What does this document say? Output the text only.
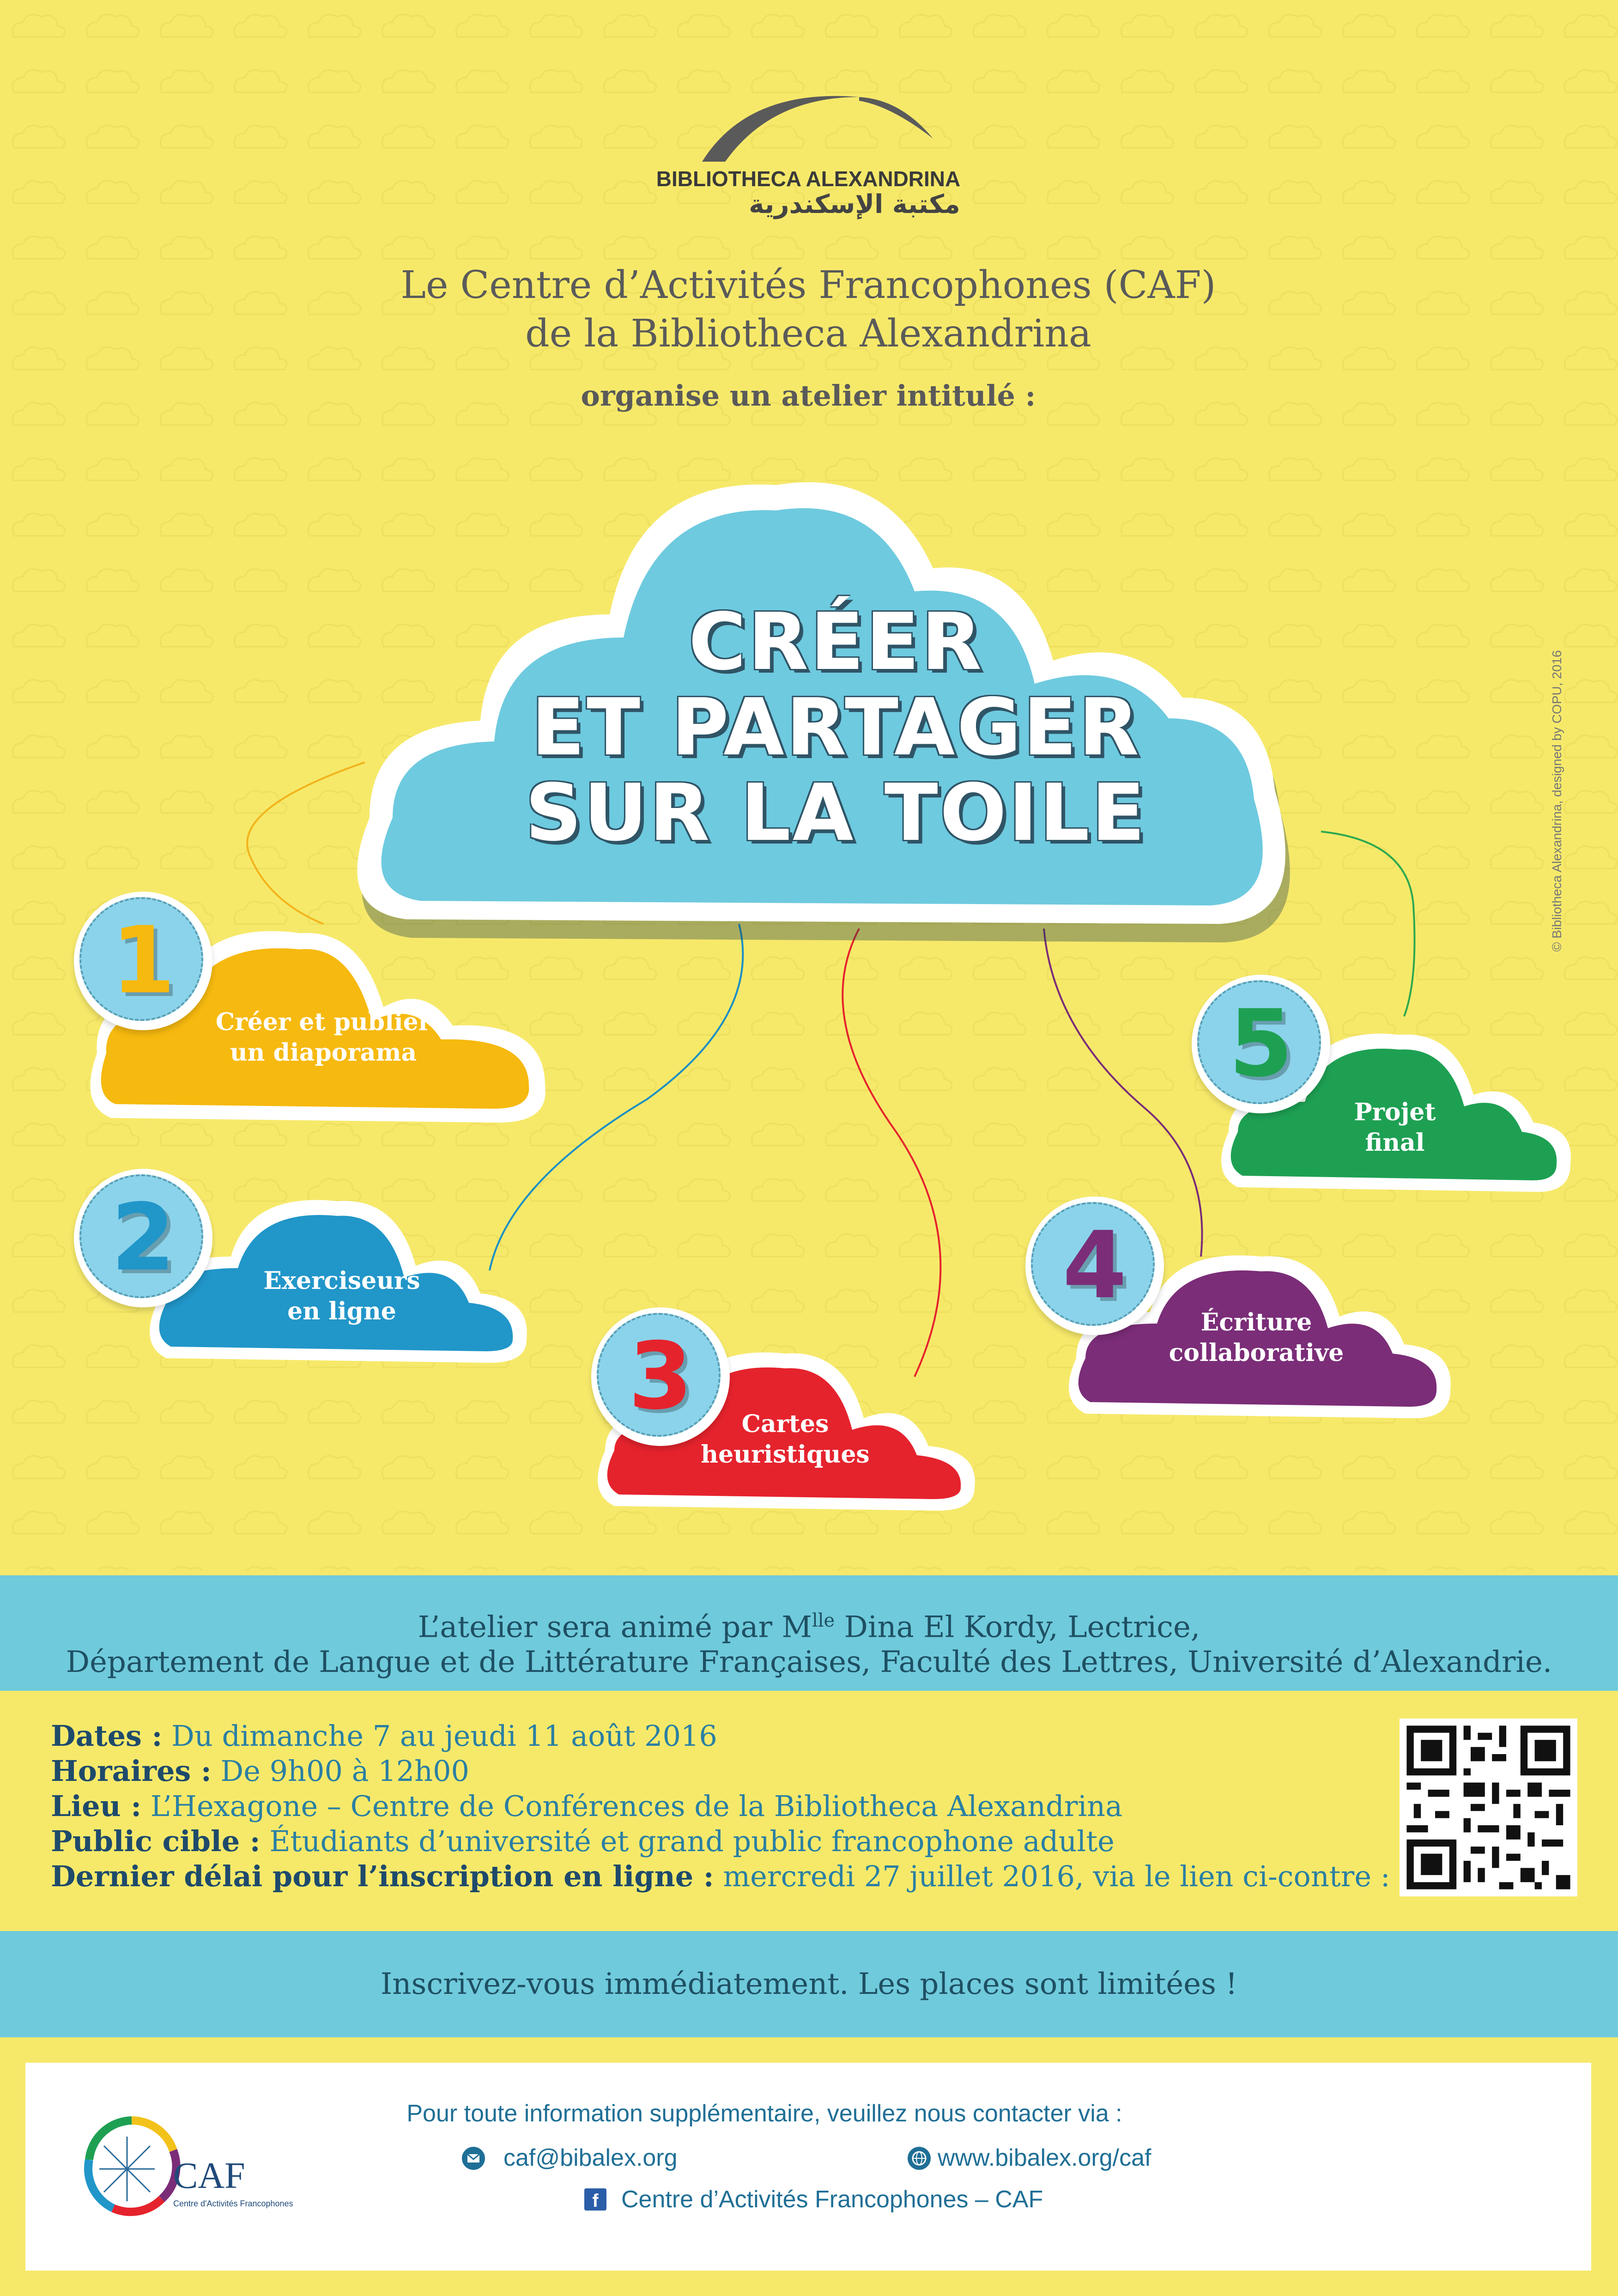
BIBLIOTHECA ALEXANDRINA
مكتبة الإسكندرية
Le Centre d’Activités Francophones (CAF)
de la Bibliotheca Alexandrina
organise un atelier intitulé :
CRÉER
ET PARTAGER
SUR LA TOILE	© Bibliotheca Alexandrina, designed by COPU, 2016
1
2
3
4
5
Créer et publier
un diaporama
Exerciseurs
en ligne
Cartes
heuristiques
Écriture
collaborative
Projet
final
L’atelier sera animé par $M^{lle}$ Dina El Kordy, Lectrice,
Département de Langue et de Littérature Françaises, Faculté des Lettres, Université d’Alexandrie.
Dates : Du dimanche 7 au jeudi 11 août 2016
Horaires : De 9h00 à 12h00
Lieu : L’Hexagone – Centre de Conférences de la Bibliotheca Alexandrina
Public cible : Étudiants d’université et grand public francophone adulte
Dernier délai pour l’inscription en ligne : mercredi 27 juillet 2016, via le lien ci-contre :
Inscrivez-vous immédiatement. Les places sont limitées !
CAF
Centre d'Activités Francophones
Pour toute information supplémentaire, veuillez nous contacter via :
caf@bibalex.org	www.bibalex.org/caf
f Centre d’Activités Francophones – CAF
